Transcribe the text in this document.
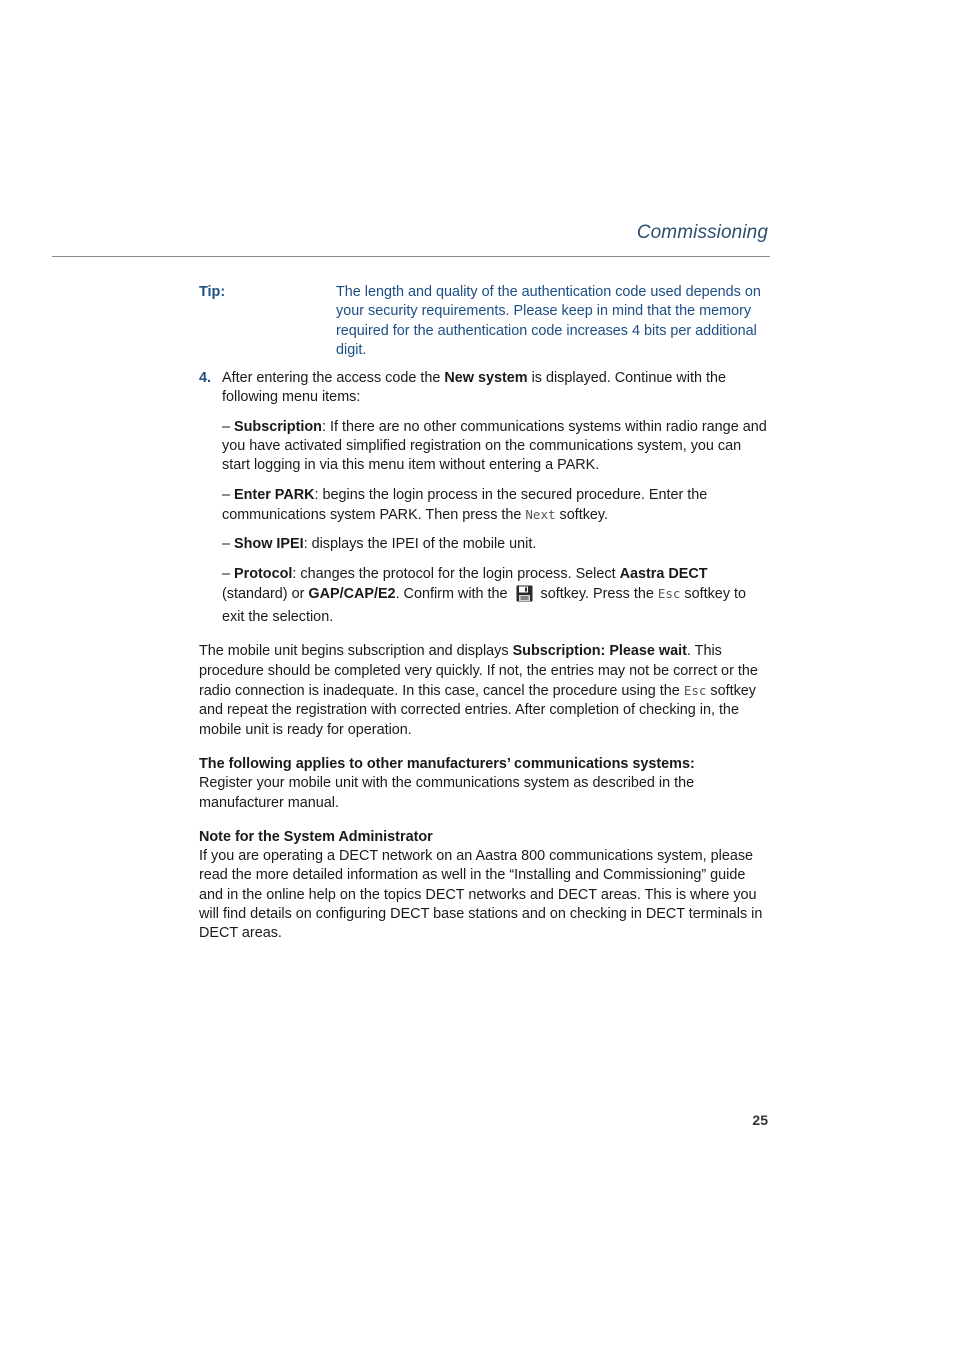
Commissioning
Tip:	The length and quality of the authentication code used depends on your security requirements. Please keep in mind that the memory required for the authentication code increases 4 bits per additional digit.
4. After entering the access code the New system is displayed. Continue with the following menu items:

– Subscription: If there are no other communications systems within radio range and you have activated simplified registration on the communications system, you can start logging in via this menu item without entering a PARK.

– Enter PARK: begins the login process in the secured procedure. Enter the communications system PARK. Then press the Next softkey.

– Show IPEI: displays the IPEI of the mobile unit.

– Protocol: changes the protocol for the login process. Select Aastra DECT (standard) or GAP/CAP/E2. Confirm with the  softkey. Press the Esc softkey to exit the selection.

The mobile unit begins subscription and displays Subscription: Please wait. This procedure should be completed very quickly. If not, the entries may not be correct or the radio connection is inadequate. In this case, cancel the procedure using the Esc softkey and repeat the registration with corrected entries. After completion of checking in, the mobile unit is ready for operation.

The following applies to other manufacturers’ communications systems:

Register your mobile unit with the communications system as described in the manufacturer manual.

Note for the System Administrator

If you are operating a DECT network on an Aastra 800 communications system, please read the more detailed information as well in the “Installing and Commissioning” guide and in the online help on the topics DECT networks and DECT areas. This is where you will find details on configuring DECT base stations and on checking in DECT terminals in DECT areas.

25
